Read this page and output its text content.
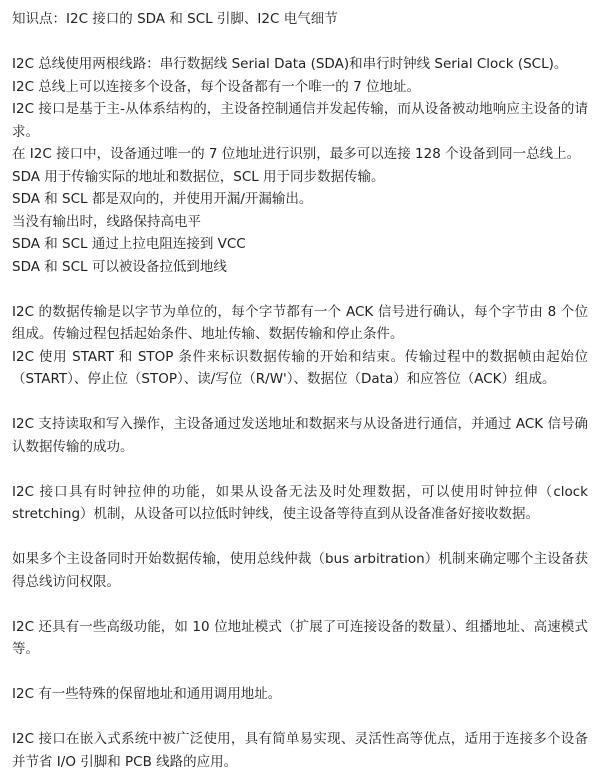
知识点：I2C 接口的 SDA 和 SCL 引脚、I2C 电气细节
I2C 总线使用两根线路：串行数据线 Serial Data (SDA)和串行时钟线 Serial Clock (SCL)。
I2C 总线上可以连接多个设备，每个设备都有一个唯一的 7 位地址。
I2C 接口是基于主-从体系结构的，主设备控制通信并发起传输，而从设备被动地响应主设备的请求。
在 I2C 接口中，设备通过唯一的 7 位地址进行识别，最多可以连接 128 个设备到同一总线上。
SDA 用于传输实际的地址和数据位，SCL 用于同步数据传输。
SDA 和 SCL 都是双向的，并使用开漏/开漏输出。
当没有输出时，线路保持高电平
SDA 和 SCL 通过上拉电阻连接到 VCC
SDA 和 SCL 可以被设备拉低到地线
I2C 的数据传输是以字节为单位的，每个字节都有一个 ACK 信号进行确认，每个字节由 8 个位组成。传输过程包括起始条件、地址传输、数据传输和停止条件。
I2C 使用 START 和 STOP 条件来标识数据传输的开始和结束。传输过程中的数据帧由起始位（START）、停止位（STOP）、读/写位（R/W'）、数据位（Data）和应答位（ACK）组成。
I2C 支持读取和写入操作，主设备通过发送地址和数据来与从设备进行通信，并通过 ACK 信号确认数据传输的成功。
I2C 接口具有时钟拉伸的功能，如果从设备无法及时处理数据，可以使用时钟拉伸（clock stretching）机制，从设备可以拉低时钟线，使主设备等待直到从设备准备好接收数据。
如果多个主设备同时开始数据传输，使用总线仲裁（bus arbitration）机制来确定哪个主设备获得总线访问权限。
I2C 还具有一些高级功能，如 10 位地址模式（扩展了可连接设备的数量）、组播地址、高速模式等。
I2C 有一些特殊的保留地址和通用调用地址。
I2C 接口在嵌入式系统中被广泛使用，具有简单易实现、灵活性高等优点，适用于连接多个设备并节省 I/O 引脚和 PCB 线路的应用。
